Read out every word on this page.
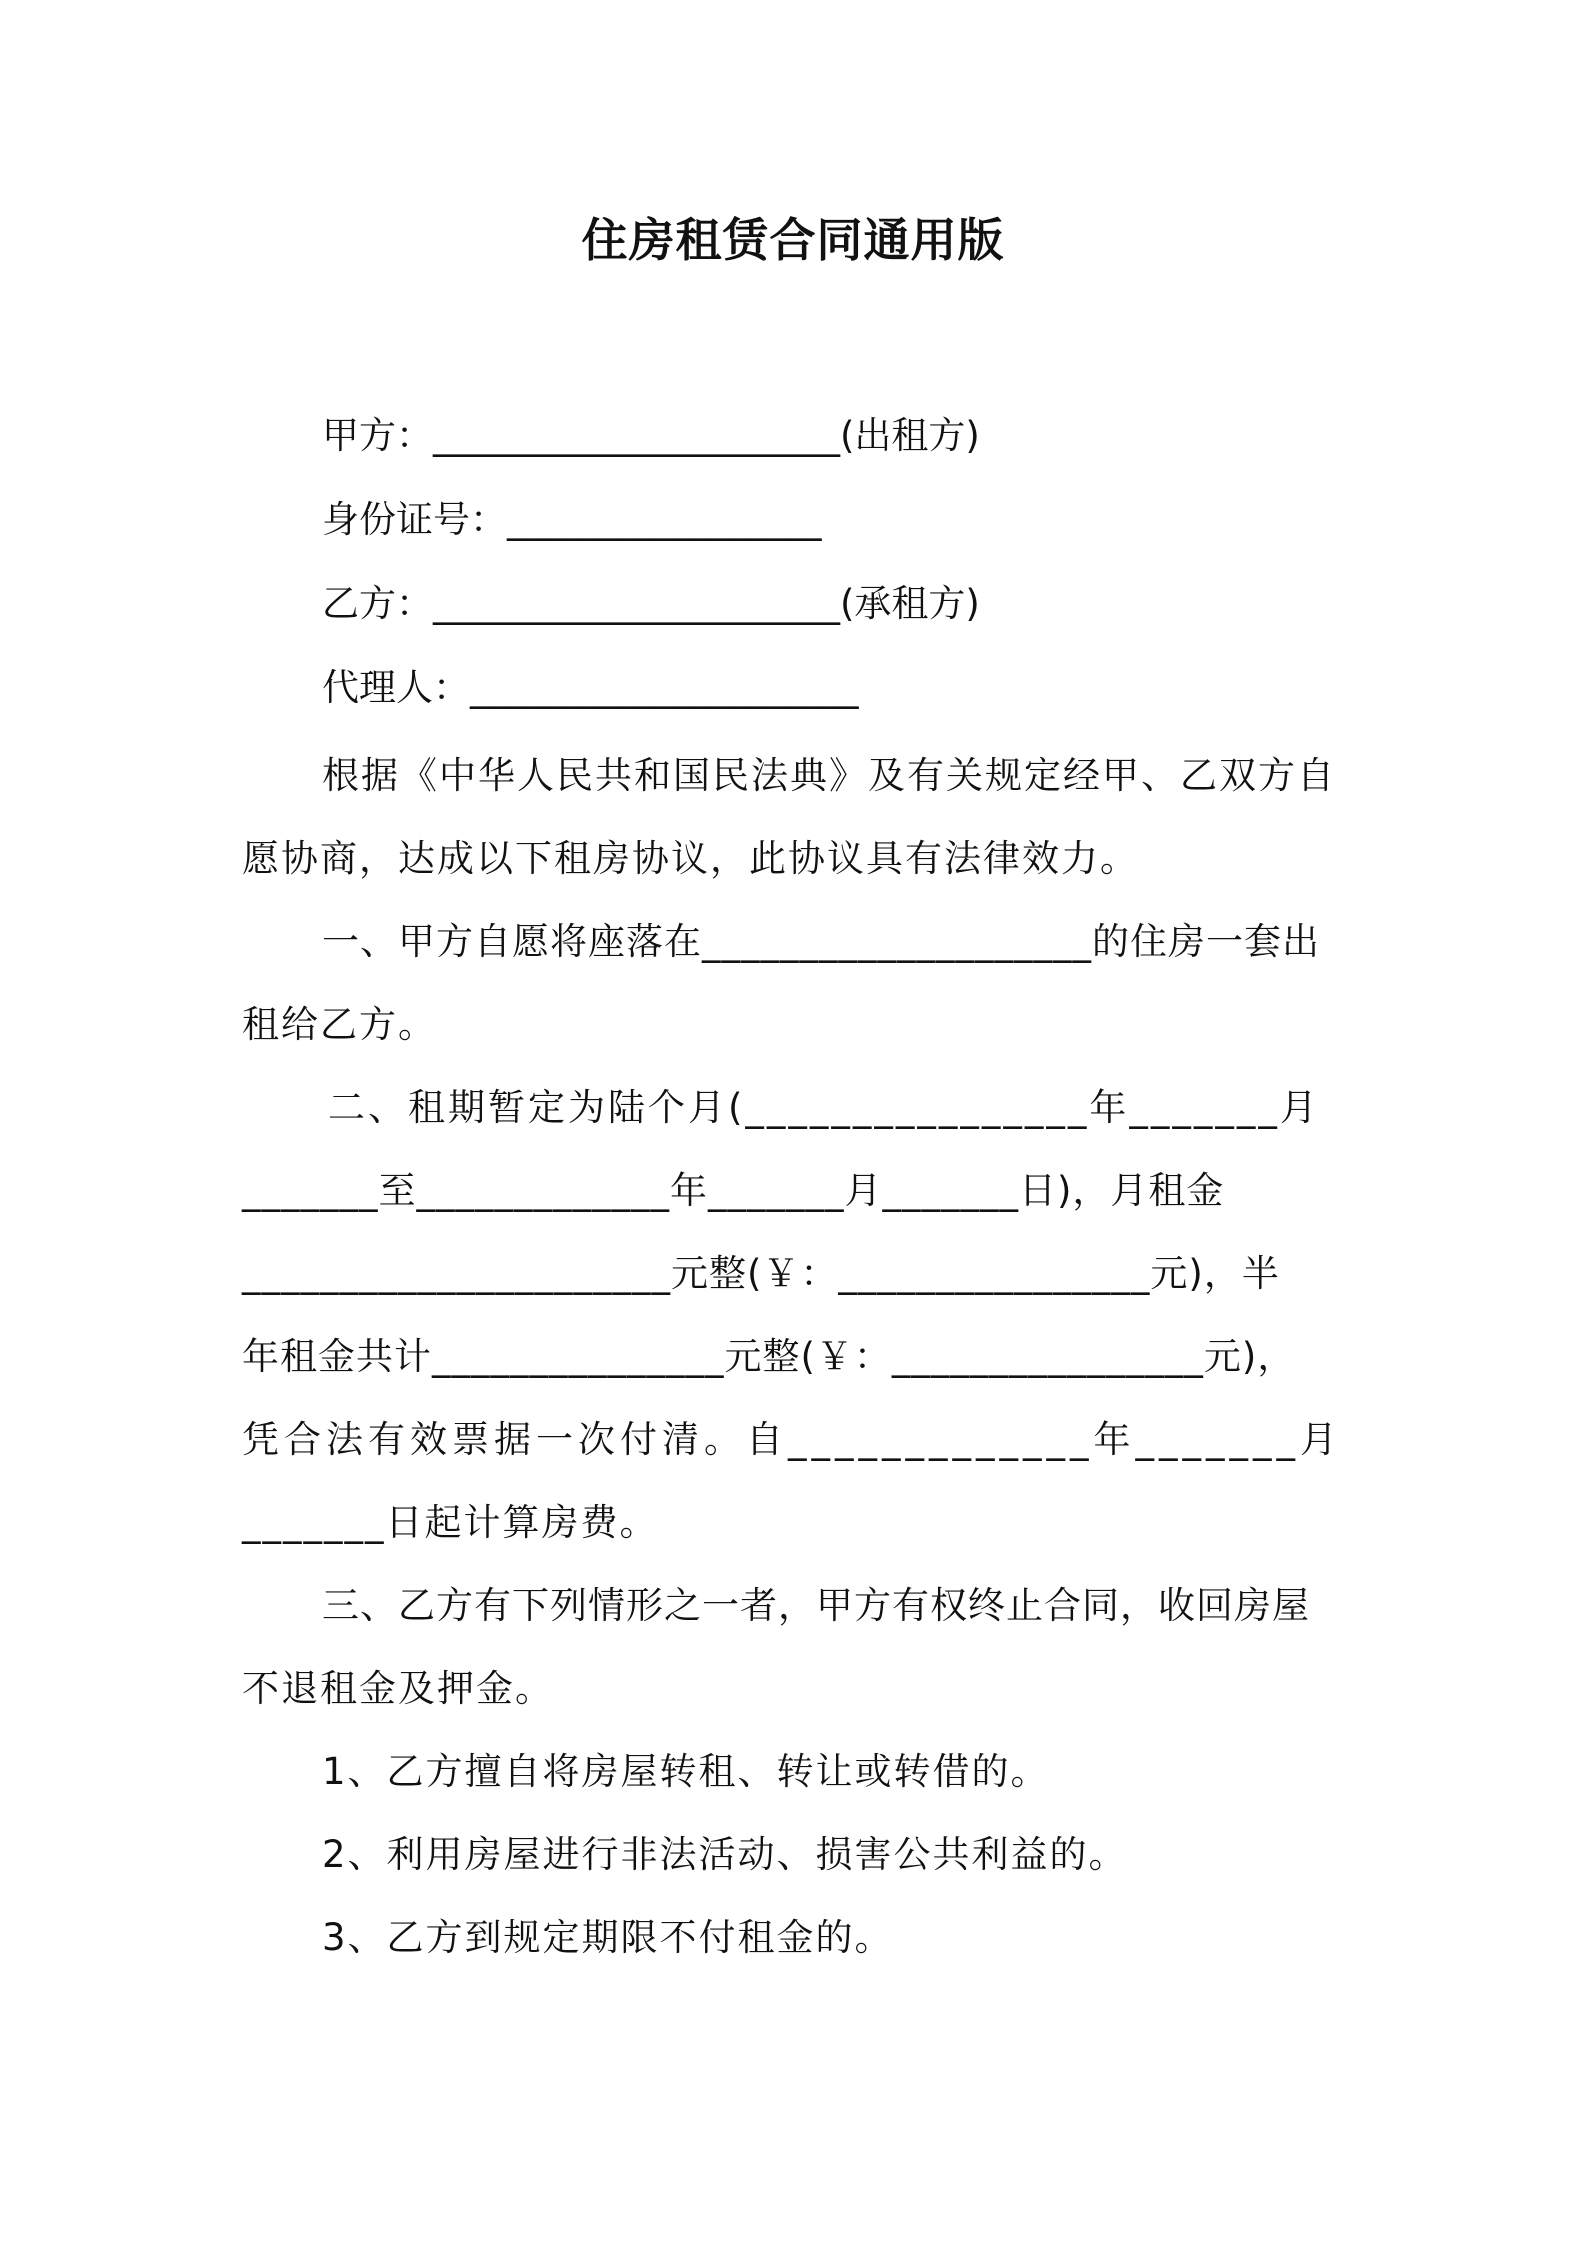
住房租赁合同通用版
甲方：______________________(出租方)
身份证号：_________________
乙方：______________________(承租方)
代理人：_____________________
根据《中华人民共和国民法典》及有关规定经甲、乙双方自
愿协商，达成以下租房协议，此协议具有法律效力。
一、甲方自愿将座落在____________________的住房一套出
租给乙方。
二、租期暂定为陆个月(________________年_______月
_______至_____________年_______月_______日)，月租金
______________________元整(￥：________________元)，半
年租金共计_______________元整(￥：________________元)，
凭合法有效票据一次付清。自_____________年_______月
_______日起计算房费。
三、乙方有下列情形之一者，甲方有权终止合同，收回房屋
不退租金及押金。
1、乙方擅自将房屋转租、转让或转借的。
2、利用房屋进行非法活动、损害公共利益的。
3、乙方到规定期限不付租金的。
